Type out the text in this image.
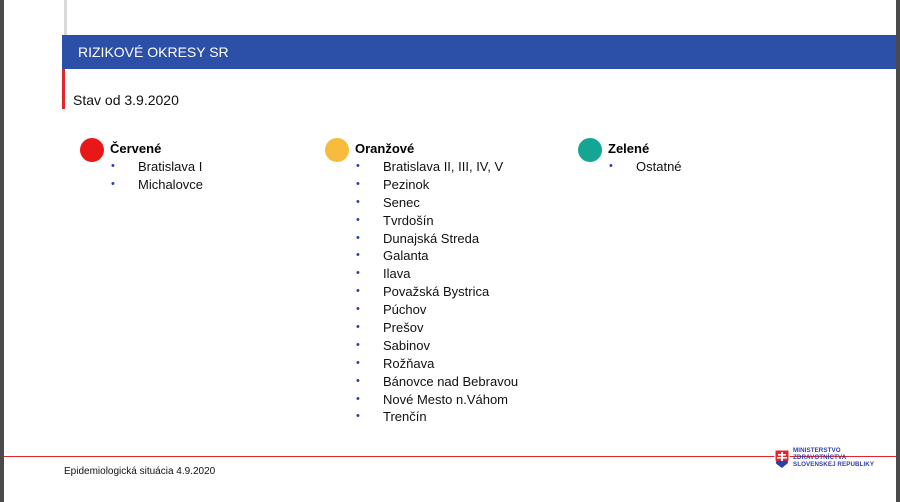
RIZIKOVÉ OKRESY SR
Stav od 3.9.2020
Červené
• Bratislava I
• Michalovce
Oranžové
• Bratislava II, III, IV, V
• Pezinok
• Senec
• Tvrdošín
• Dunajská Streda
• Galanta
• Ilava
• Považská Bystrica
• Púchov
• Prešov
• Sabinov
• Rožňava
• Bánovce nad Bebravou
• Nové Mesto n.Váhom
• Trenčín
Zelené
• Ostatné
Epidemiologická situácia 4.9.2020
MINISTERSTVO
ZDRAVOTNÍCTVA
SLOVENSKEJ REPUBLIKY
